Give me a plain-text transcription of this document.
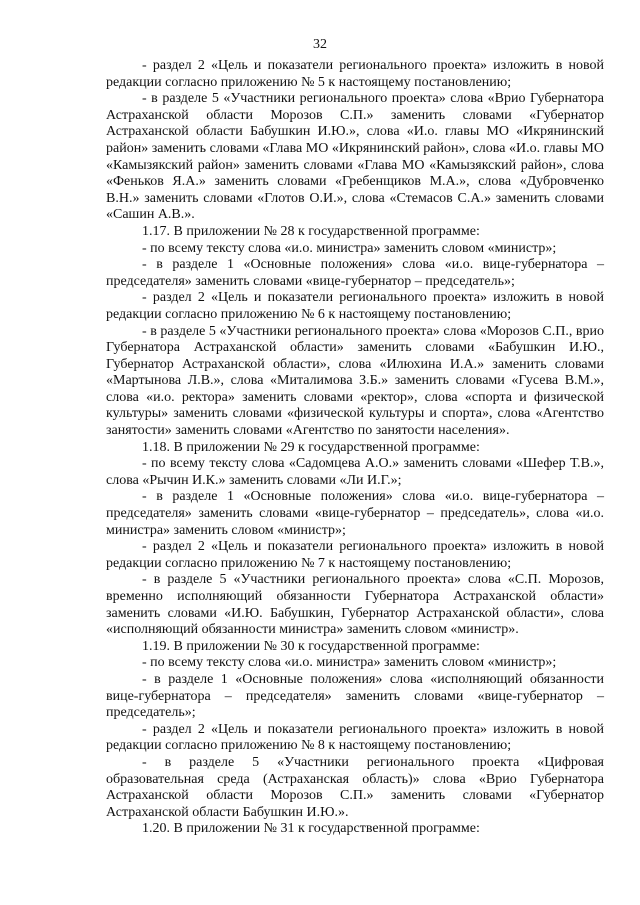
32

- раздел 2 «Цель и показатели регионального проекта» изложить в новой редакции согласно приложению № 5 к настоящему постановлению;

- в разделе 5 «Участники регионального проекта» слова «Врио Губернатора Астраханской области Морозов С.П.» заменить словами «Губернатор Астраханской области Бабушкин И.Ю.», слова «И.о. главы МО «Икрянинский район» заменить словами «Глава МО «Икрянинский район», слова «И.о. главы МО «Камызякский район» заменить словами «Глава МО «Камызякский район», слова «Феньков Я.А.» заменить словами «Гребенщиков М.А.», слова «Дубровченко В.Н.» заменить словами «Глотов О.И.», слова «Стемасов С.А.» заменить словами «Сашин А.В.».

1.17. В приложении № 28 к государственной программе:

- по всему тексту слова «и.о. министра» заменить словом «министр»;

- в разделе 1 «Основные положения» слова «и.о. вице-губернатора – председателя» заменить словами «вице-губернатор – председатель»;

- раздел 2 «Цель и показатели регионального проекта» изложить в новой редакции согласно приложению № 6 к настоящему постановлению;

- в разделе 5 «Участники регионального проекта» слова «Морозов С.П., врио Губернатора Астраханской области» заменить словами «Бабушкин И.Ю., Губернатор Астраханской области», слова «Илюхина И.А.» заменить словами «Мартынова Л.В.», слова «Миталимова З.Б.» заменить словами «Гусева В.М.», слова «и.о. ректора» заменить словами «ректор», слова «спорта и физической культуры» заменить словами «физической культуры и спорта», слова «Агентство занятости» заменить словами «Агентство по занятости населения».

1.18. В приложении № 29 к государственной программе:

- по всему тексту слова «Садомцева А.О.» заменить словами «Шефер Т.В.», слова «Рычин И.К.» заменить словами «Ли И.Г.»;

- в разделе 1 «Основные положения» слова «и.о. вице-губернатора – председателя» заменить словами «вице-губернатор – председатель», слова «и.о. министра» заменить словом «министр»;

- раздел 2 «Цель и показатели регионального проекта» изложить в новой редакции согласно приложению № 7 к настоящему постановлению;

- в разделе 5 «Участники регионального проекта» слова «С.П. Морозов, временно исполняющий обязанности Губернатора Астраханской области» заменить словами «И.Ю. Бабушкин, Губернатор Астраханской области», слова «исполняющий обязанности министра» заменить словом «министр».

1.19. В приложении № 30 к государственной программе:

- по всему тексту слова «и.о. министра» заменить словом «министр»;

- в разделе 1 «Основные положения» слова «исполняющий обязанности вице-губернатора – председателя» заменить словами «вице-губернатор – председатель»;

- раздел 2 «Цель и показатели регионального проекта» изложить в новой редакции согласно приложению № 8 к настоящему постановлению;

- в разделе 5 «Участники регионального проекта «Цифровая образовательная среда (Астраханская область)» слова «Врио Губернатора Астраханской области Морозов С.П.» заменить словами «Губернатор Астраханской области Бабушкин И.Ю.».

1.20. В приложении № 31 к государственной программе:
